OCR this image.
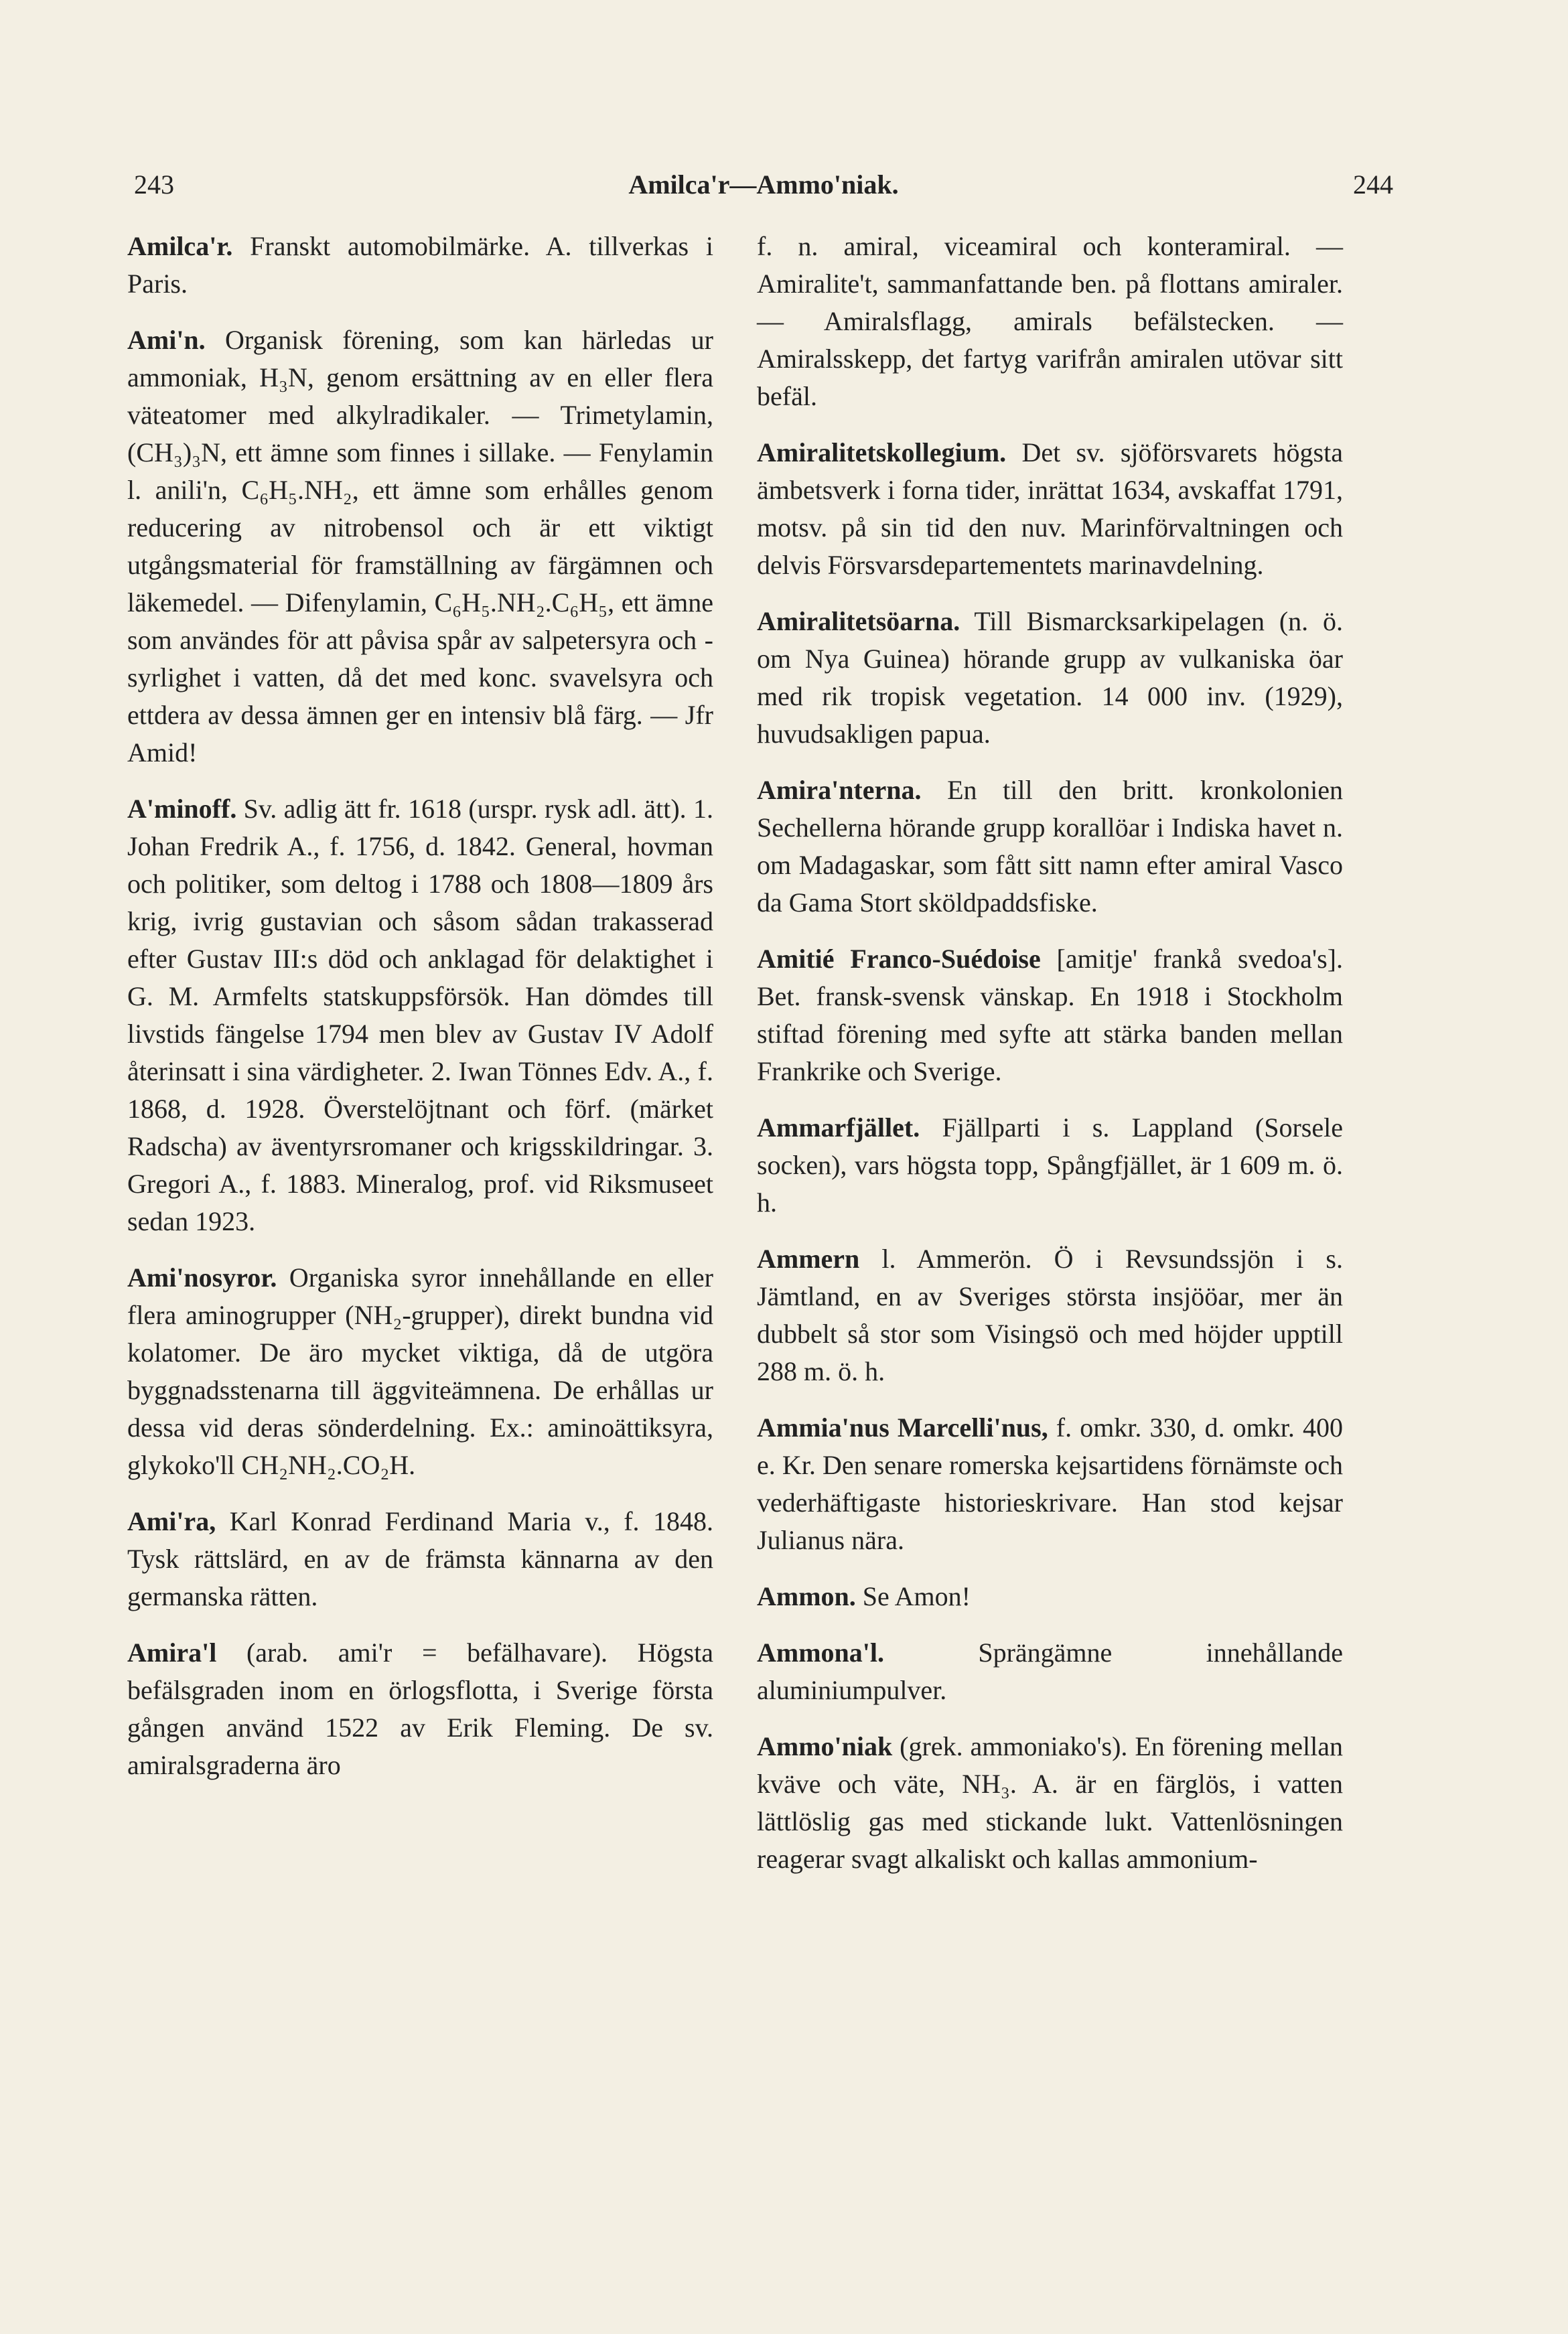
243	Amilca'r—Ammo'niak.	244

Amilca'r. Franskt automobilmärke. A. tillverkas i Paris.

Ami'n. Organisk förening, som kan härledas ur ammoniak, H₃N, genom ersättning av en eller flera väteatomer med alkylradikaler. — Trimetylamin, (CH₃)₃N, ett ämne som finnes i sillake. — Fenylamin l. anili'n, C₆H₅.NH₂, ett ämne som erhålles genom reducering av nitrobensol och är ett viktigt utgångsmaterial för framställning av färgämnen och läkemedel. — Difenylamin, C₆H₅.NH₂.C₆H₅, ett ämne som användes för att påvisa spår av salpetersyra och -syrlighet i vatten, då det med konc. svavelsyra och ettdera av dessa ämnen ger en intensiv blå färg. — Jfr Amid!

A'minoff. Sv. adlig ätt fr. 1618 (urspr. rysk adl. ätt). 1. Johan Fredrik A., f. 1756, d. 1842. General, hovman och politiker, som deltog i 1788 och 1808—1809 års krig, ivrig gustavian och såsom sådan trakasserad efter Gustav III:s död och anklagad för delaktighet i G. M. Armfelts statskuppsförsök. Han dömdes till livstids fängelse 1794 men blev av Gustav IV Adolf återinsatt i sina värdigheter. 2. Iwan Tönnes Edv. A., f. 1868, d. 1928. Överstelöjtnant och förf. (märket Radscha) av äventyrsromaner och krigsskildringar. 3. Gregori A., f. 1883. Mineralog, prof. vid Riksmuseet sedan 1923.

Ami'nosyror. Organiska syror innehållande en eller flera aminogrupper (NH₂-grupper), direkt bundna vid kolatomer. De äro mycket viktiga, då de utgöra byggnadsstenarna till äggviteämnena. De erhållas ur dessa vid deras sönderdelning. Ex.: aminoättiksyra, glykoko'll CH₂NH₂.CO₂H.

Ami'ra, Karl Konrad Ferdinand Maria v., f. 1848. Tysk rättslärd, en av de främsta kännarna av den germanska rätten.

Amira'l (arab. ami'r = befälhavare). Högsta befälsgraden inom en örlogsflotta, i Sverige första gången använd 1522 av Erik Fleming. De sv. amiralsgraderna äro

f. n. amiral, viceamiral och konteramiral. — Amiralite't, sammanfattande ben. på flottans amiraler. — Amiralsflagg, amirals befälstecken. — Amiralsskepp, det fartyg varifrån amiralen utövar sitt befäl.

Amiralitetskollegium. Det sv. sjöförsvarets högsta ämbetsverk i forna tider, inrättat 1634, avskaffat 1791, motsv. på sin tid den nuv. Marinförvaltningen och delvis Försvarsdepartementets marinavdelning.

Amiralitetsöarna. Till Bismarcksarkipelagen (n. ö. om Nya Guinea) hörande grupp av vulkaniska öar med rik tropisk vegetation. 14 000 inv. (1929), huvudsakligen papua.

Amira'nterna. En till den britt. kronkolonien Sechellerna hörande grupp korallöar i Indiska havet n. om Madagaskar, som fått sitt namn efter amiral Vasco da Gama Stort sköldpaddsfiske.

Amitié Franco-Suédoise [amitje' frankå svedoa's]. Bet. fransk-svensk vänskap. En 1918 i Stockholm stiftad förening med syfte att stärka banden mellan Frankrike och Sverige.

Ammarfjället. Fjällparti i s. Lappland (Sorsele socken), vars högsta topp, Spångfjället, är 1 609 m. ö. h.

Ammern l. Ammerön. Ö i Revsundssjön i s. Jämtland, en av Sveriges största insjööar, mer än dubbelt så stor som Visingsö och med höjder upptill 288 m. ö. h.

Ammia'nus Marcelli'nus, f. omkr. 330, d. omkr. 400 e. Kr. Den senare romerska kejsartidens förnämste och vederhäftigaste historieskrivare. Han stod kejsar Julianus nära.

Ammon. Se Amon!

Ammona'l. Sprängämne innehållande aluminiumpulver.

Ammo'niak (grek. ammoniako's). En förening mellan kväve och väte, NH₃. A. är en färglös, i vatten lättlöslig gas med stickande lukt. Vattenlösningen reagerar svagt alkaliskt och kallas ammonium-
